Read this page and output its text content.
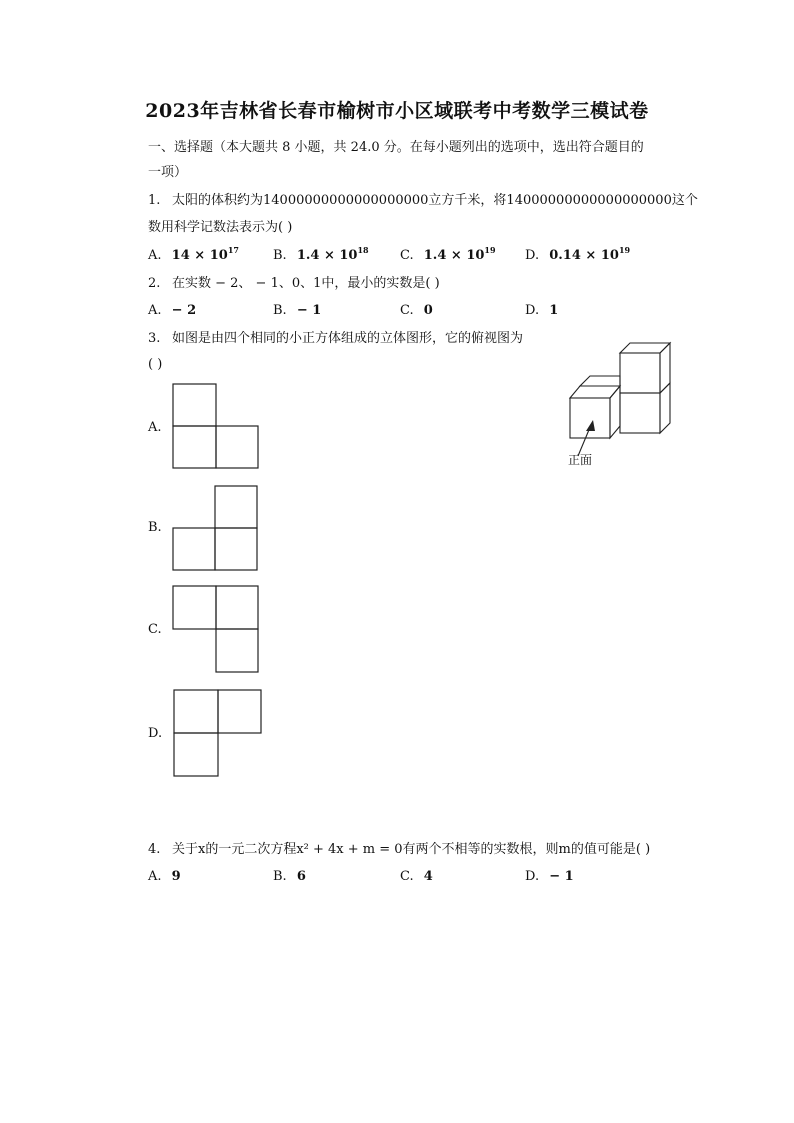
2023年吉林省长春市榆树市小区域联考中考数学三模试卷
一、选择题（本大题共 8 小题，共 24.0 分。在每小题列出的选项中，选出符合题目的
一项）
1. 太阳的体积约为14000000000000000000立方千米，将14000000000000000000这个
数用科学记数法表示为( )
A. $14 \times 10^{17}$	B. $1.4 \times 10^{18}$ C. $1.4 \times 10^{19}$ D. $0.14 \times 10^{19}$
2. 在实数 − 2、 − 1、0、1中，最小的实数是( )
A. − 2	B. − 1	C. 0	D. 1
3. 如图是由四个相同的小正方体组成的立体图形，它的俯视图为
( )
正面
A.
B.
C.
D.
4. 关于x的一元二次方程x² + 4x + m = 0有两个不相等的实数根，则m的值可能是( )
A. 9	B. 6	C. 4	D. − 1
